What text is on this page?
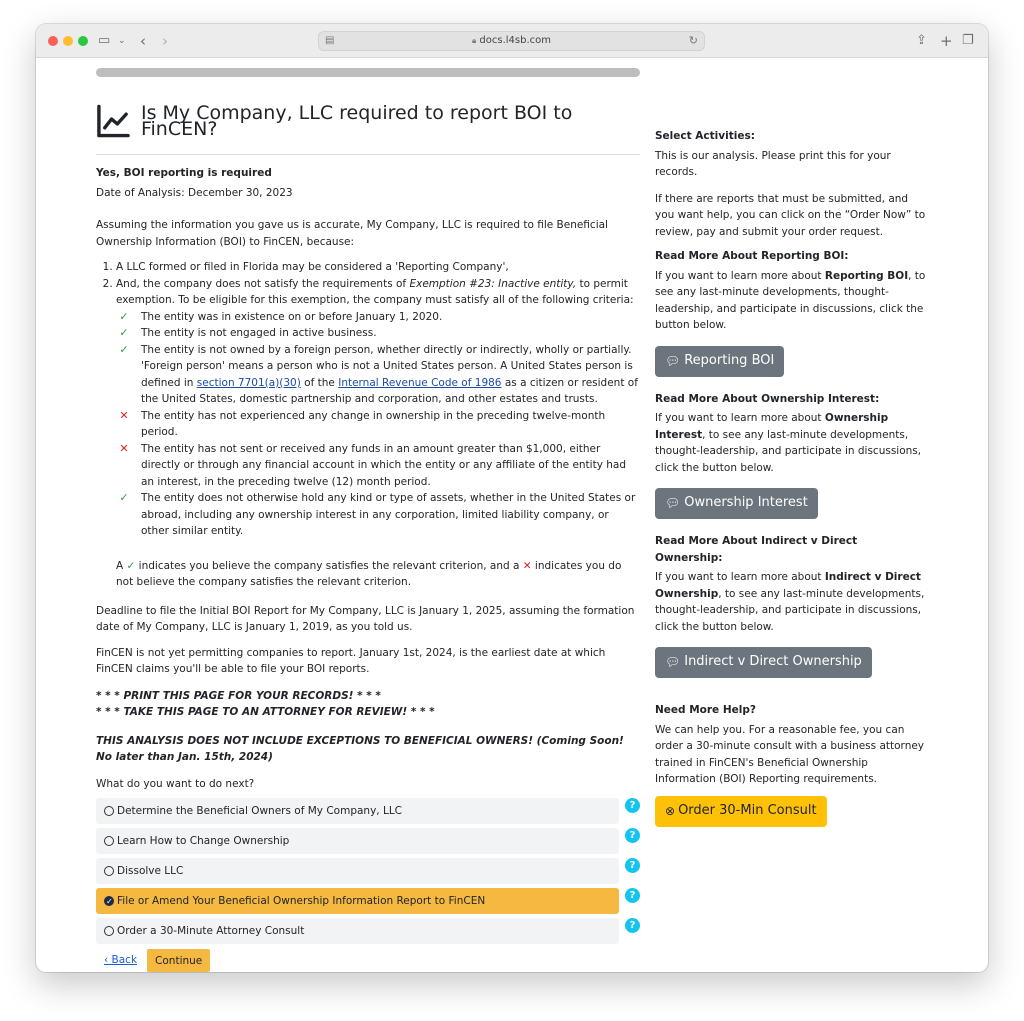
▭ ⌄ ‹ ›	▤	🔒︎ docs.l4sb.com	↻	⇪ + ❐
Is My Company, LLC required to report BOI to FinCEN?

Yes, BOI reporting is required

Date of Analysis: December 30, 2023

Assuming the information you gave us is accurate, My Company, LLC is required to file Beneficial Ownership Information (BOI) to FinCEN, because:

1. A LLC formed or filed in Florida may be considered a 'Reporting Company',
2. And, the company does not satisfy the requirements of Exemption #23: Inactive entity, to permit exemption. To be eligible for this exemption, the company must satisfy all of the following criteria:
✓	The entity was in existence on or before January 1, 2020.
✓	The entity is not engaged in active business.
✓	The entity is not owned by a foreign person, whether directly or indirectly, wholly or partially. 'Foreign person' means a person who is not a United States person. A United States person is defined in section 7701(a)(30) of the Internal Revenue Code of 1986 as a citizen or resident of the United States, domestic partnership and corporation, and other estates and trusts.
✕	The entity has not experienced any change in ownership in the preceding twelve-month period.
✕	The entity has not sent or received any funds in an amount greater than $1,000, either directly or through any financial account in which the entity or any affiliate of the entity had an interest, in the preceding twelve (12) month period.
✓	The entity does not otherwise hold any kind or type of assets, whether in the United States or abroad, including any ownership interest in any corporation, limited liability company, or other similar entity.

A ✓ indicates you believe the company satisfies the relevant criterion, and a ✕ indicates you do not believe the company satisfies the relevant criterion.

Deadline to file the Initial BOI Report for My Company, LLC is January 1, 2025, assuming the formation date of My Company, LLC is January 1, 2019, as you told us.

FinCEN is not yet permitting companies to report. January 1st, 2024, is the earliest date at which FinCEN claims you'll be able to file your BOI reports.

* * * PRINT THIS PAGE FOR YOUR RECORDS! * * *

* * * TAKE THIS PAGE TO AN ATTORNEY FOR REVIEW! * * *

THIS ANALYSIS DOES NOT INCLUDE EXCEPTIONS TO BENEFICIAL OWNERS! (Coming Soon! No later than Jan. 15th, 2024)

What do you want to do next?

Determine the Beneficial Owners of My Company, LLC	?
Learn How to Change Ownership	?
Dissolve LLC	?
✓
File or Amend Your Beneficial Ownership Information Report to FinCEN	?
Order a 30-Minute Attorney Consult	?
‹ Back	Continue

Select Activities:

This is our analysis. Please print this for your records.

If there are reports that must be submitted, and you want help, you can click on the “Order Now” to review, pay and submit your order request.

Read More About Reporting BOI:

If you want to learn more about Reporting BOI, to see any last-minute developments, thought-leadership, and participate in discussions, click the button below.

💬︎ Reporting BOI

Read More About Ownership Interest:

If you want to learn more about Ownership Interest, to see any last-minute developments, thought-leadership, and participate in discussions, click the button below.

💬︎ Ownership Interest

Read More About Indirect v Direct Ownership:

If you want to learn more about Indirect v Direct Ownership, to see any last-minute developments, thought-leadership, and participate in discussions, click the button below.

💬︎ Indirect v Direct Ownership

Need More Help?

We can help you. For a reasonable fee, you can order a 30-minute consult with a business attorney trained in FinCEN's Beneficial Ownership Information (BOI) Reporting requirements.

⊗ Order 30-Min Consult
